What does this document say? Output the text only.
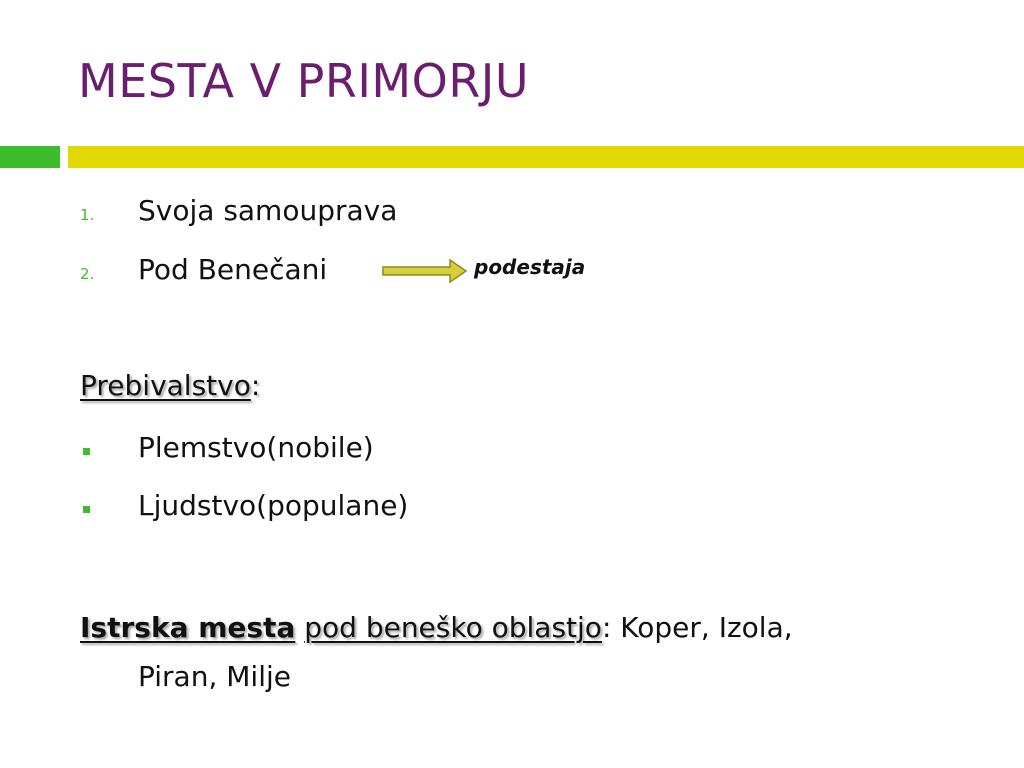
MESTA V PRIMORJU
1. Svoja samouprava
2. Pod Benečani	podestaja
Prebivalstvo:
Plemstvo(nobile)
Ljudstvo(populane)
Istrska mesta pod beneško oblastjo: Koper, Izola,
Piran, Milje
